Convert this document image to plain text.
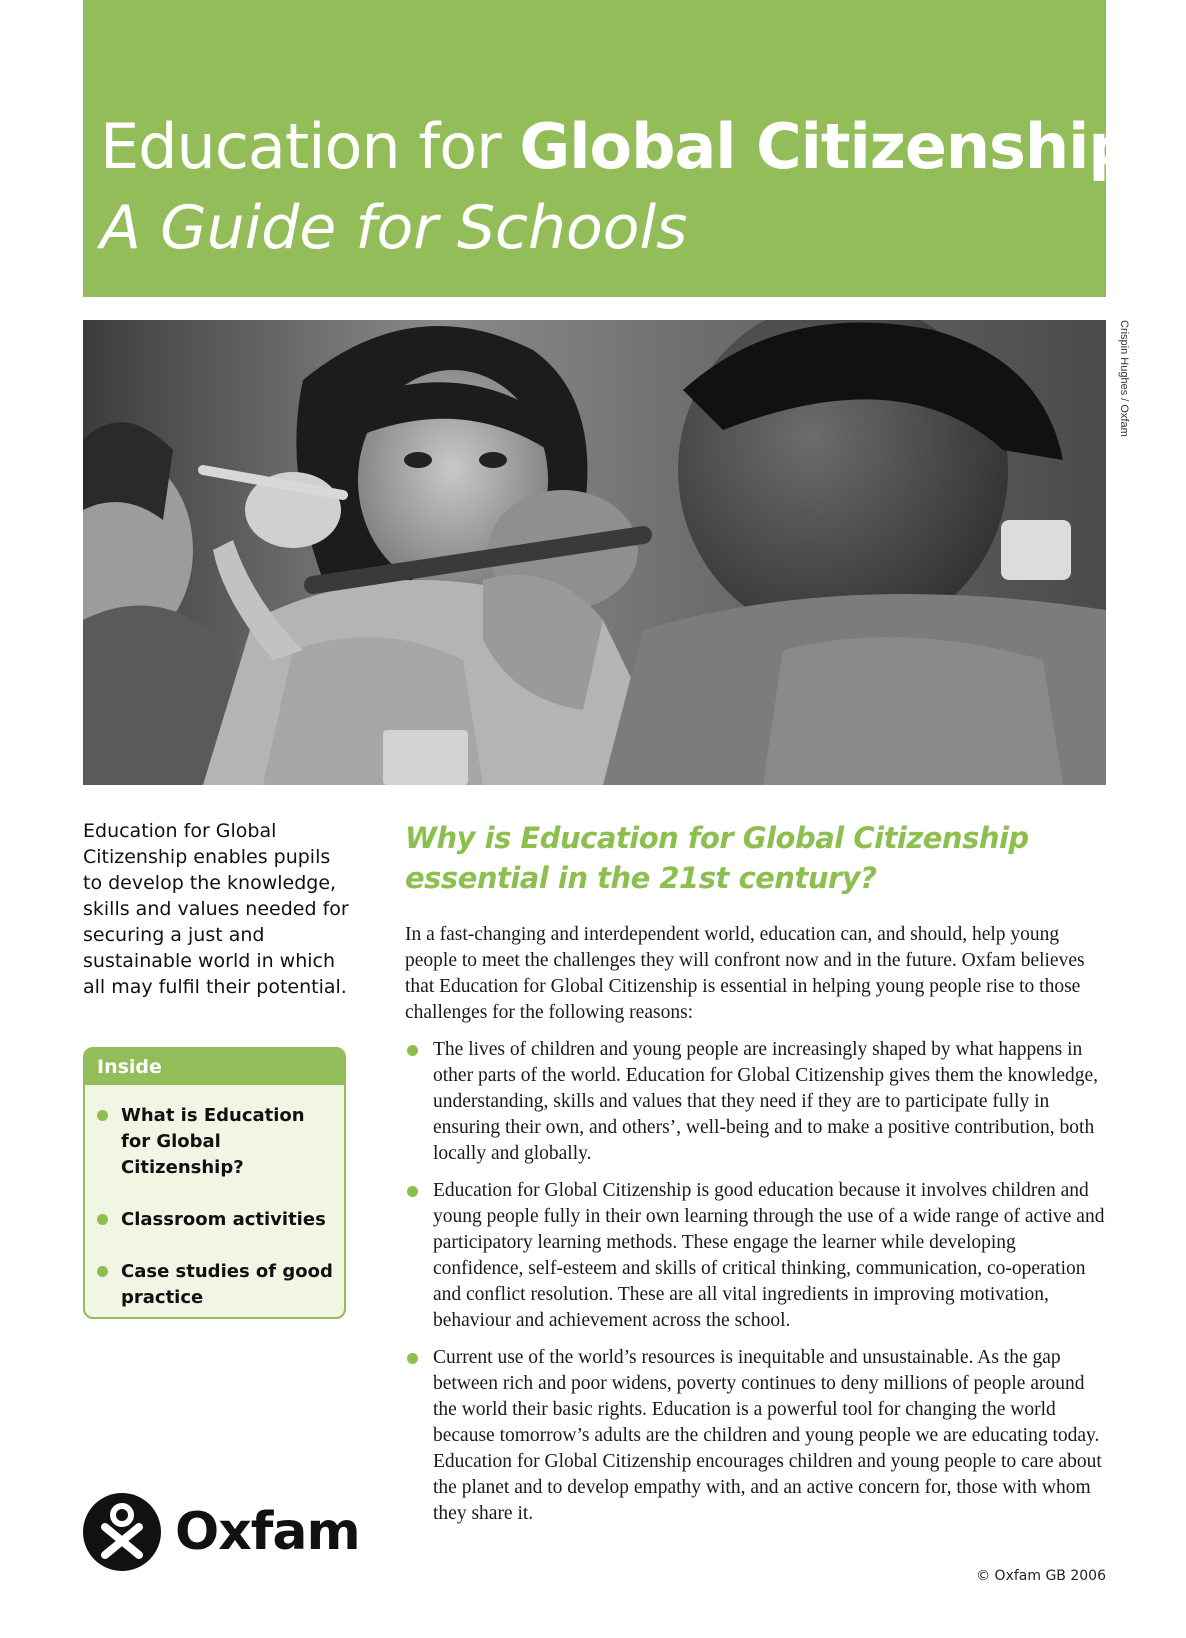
Education for Global Citizenship
A Guide for Schools
Crispin Hughes / Oxfam
Education for Global Citizenship enables pupils to develop the knowledge, skills and values needed for securing a just and sustainable world in which all may fulfil their potential.
Inside
What is Education for Global Citizenship?
Classroom activities
Case studies of good practice
Why is Education for Global Citizenship essential in the 21st century?

In a fast-changing and interdependent world, education can, and should, help young people to meet the challenges they will confront now and in the future. Oxfam believes that Education for Global Citizenship is essential in helping young people rise to those challenges for the following reasons:

The lives of children and young people are increasingly shaped by what happens in other parts of the world. Education for Global Citizenship gives them the knowledge, understanding, skills and values that they need if they are to participate fully in ensuring their own, and others’, well-being and to make a positive contribution, both locally and globally.
Education for Global Citizenship is good education because it involves children and young people fully in their own learning through the use of a wide range of active and participatory learning methods. These engage the learner while developing confidence, self-esteem and skills of critical thinking, communication, co-operation and conflict resolution. These are all vital ingredients in improving motivation, behaviour and achievement across the school.
Current use of the world’s resources is inequitable and unsustainable. As the gap between rich and poor widens, poverty continues to deny millions of people around the world their basic rights. Education is a powerful tool for changing the world because tomorrow’s adults are the children and young people we are educating today. Education for Global Citizenship encourages children and young people to care about the planet and to develop empathy with, and an active concern for, those with whom they share it.
Oxfam
© Oxfam GB 2006
